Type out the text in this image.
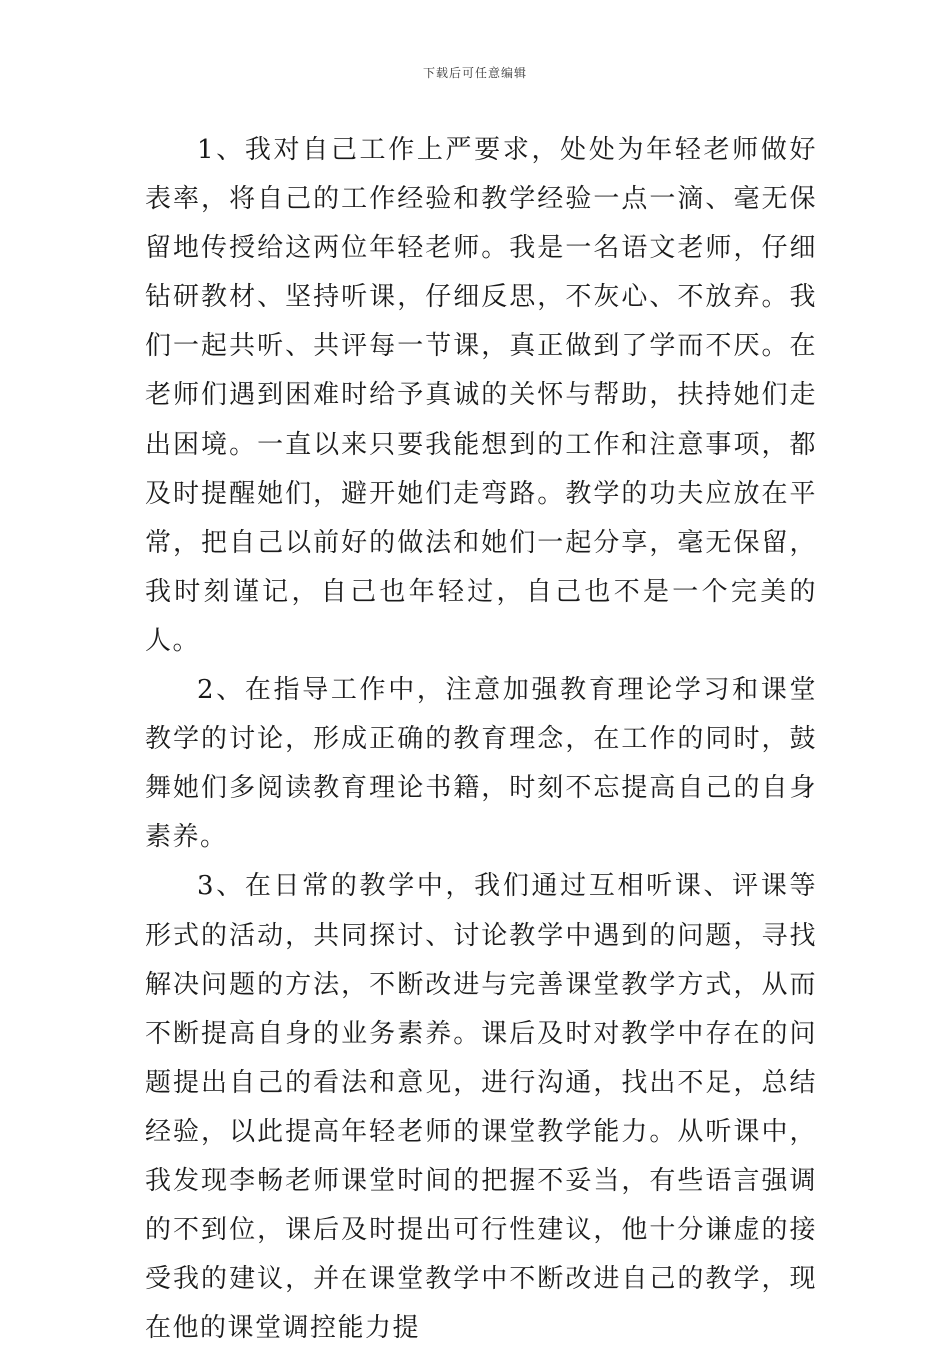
下载后可任意编辑

1、我对自己工作上严要求，处处为年轻老师做好表率，将自己的工作经验和教学经验一点一滴、毫无保留地传授给这两位年轻老师。我是一名语文老师，仔细钻研教材、坚持听课，仔细反思，不灰心、不放弃。我们一起共听、共评每一节课，真正做到了学而不厌。在老师们遇到困难时给予真诚的关怀与帮助，扶持她们走出困境。一直以来只要我能想到的工作和注意事项，都及时提醒她们，避开她们走弯路。教学的功夫应放在平常，把自己以前好的做法和她们一起分享，毫无保留，我时刻谨记，自己也年轻过，自己也不是一个完美的人。

2、在指导工作中，注意加强教育理论学习和课堂教学的讨论，形成正确的教育理念，在工作的同时，鼓舞她们多阅读教育理论书籍，时刻不忘提高自己的自身素养。

3、在日常的教学中，我们通过互相听课、评课等形式的活动，共同探讨、讨论教学中遇到的问题，寻找解决问题的方法，不断改进与完善课堂教学方式，从而不断提高自身的业务素养。课后及时对教学中存在的问题提出自己的看法和意见，进行沟通，找出不足，总结经验，以此提高年轻老师的课堂教学能力。从听课中，我发现李畅老师课堂时间的把握不妥当，有些语言强调的不到位，课后及时提出可行性建议，他十分谦虚的接受我的建议，并在课堂教学中不断改进自己的教学，现在他的课堂调控能力提
